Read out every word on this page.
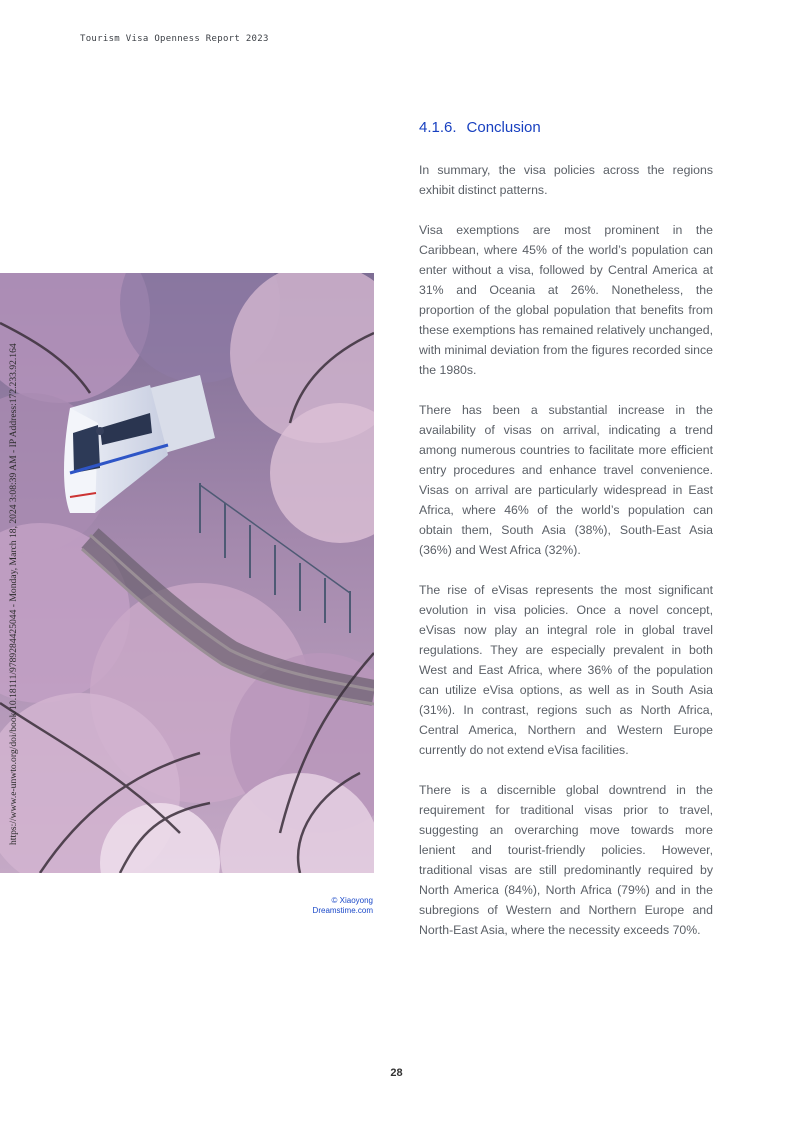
Tourism Visa Openness Report 2023
© Xiaoyong
Dreamstime.com
https://www.e-unwto.org/doi/book/10.18111/9789284425044 - Monday, March 18, 2024 3:08:39 AM - IP Address:172.233.92.164
4.1.6. Conclusion

In summary, the visa policies across the regions exhibit distinct patterns.

Visa exemptions are most prominent in the Caribbean, where 45% of the world’s population can enter without a visa, followed by Central America at 31% and Oceania at 26%. Nonetheless, the proportion of the global population that benefits from these exemptions has remained relatively unchanged, with minimal deviation from the figures recorded since the 1980s.

There has been a substantial increase in the availability of visas on arrival, indicating a trend among numerous countries to facilitate more efficient entry procedures and enhance travel convenience. Visas on arrival are particularly widespread in East Africa, where 46% of the world’s population can obtain them, South Asia (38%), South-East Asia (36%) and West Africa (32%).

The rise of eVisas represents the most significant evolution in visa policies. Once a novel concept, eVisas now play an integral role in global travel regulations. They are especially prevalent in both West and East Africa, where 36% of the population can utilize eVisa options, as well as in South Asia (31%). In contrast, regions such as North Africa, Central America, Northern and Western Europe currently do not extend eVisa facilities.

There is a discernible global downtrend in the requirement for traditional visas prior to travel, suggesting an overarching move towards more lenient and tourist-friendly policies. However, traditional visas are still predominantly required by North America (84%), North Africa (79%) and in the subregions of Western and Northern Europe and North-East Asia, where the necessity exceeds 70%.

28
